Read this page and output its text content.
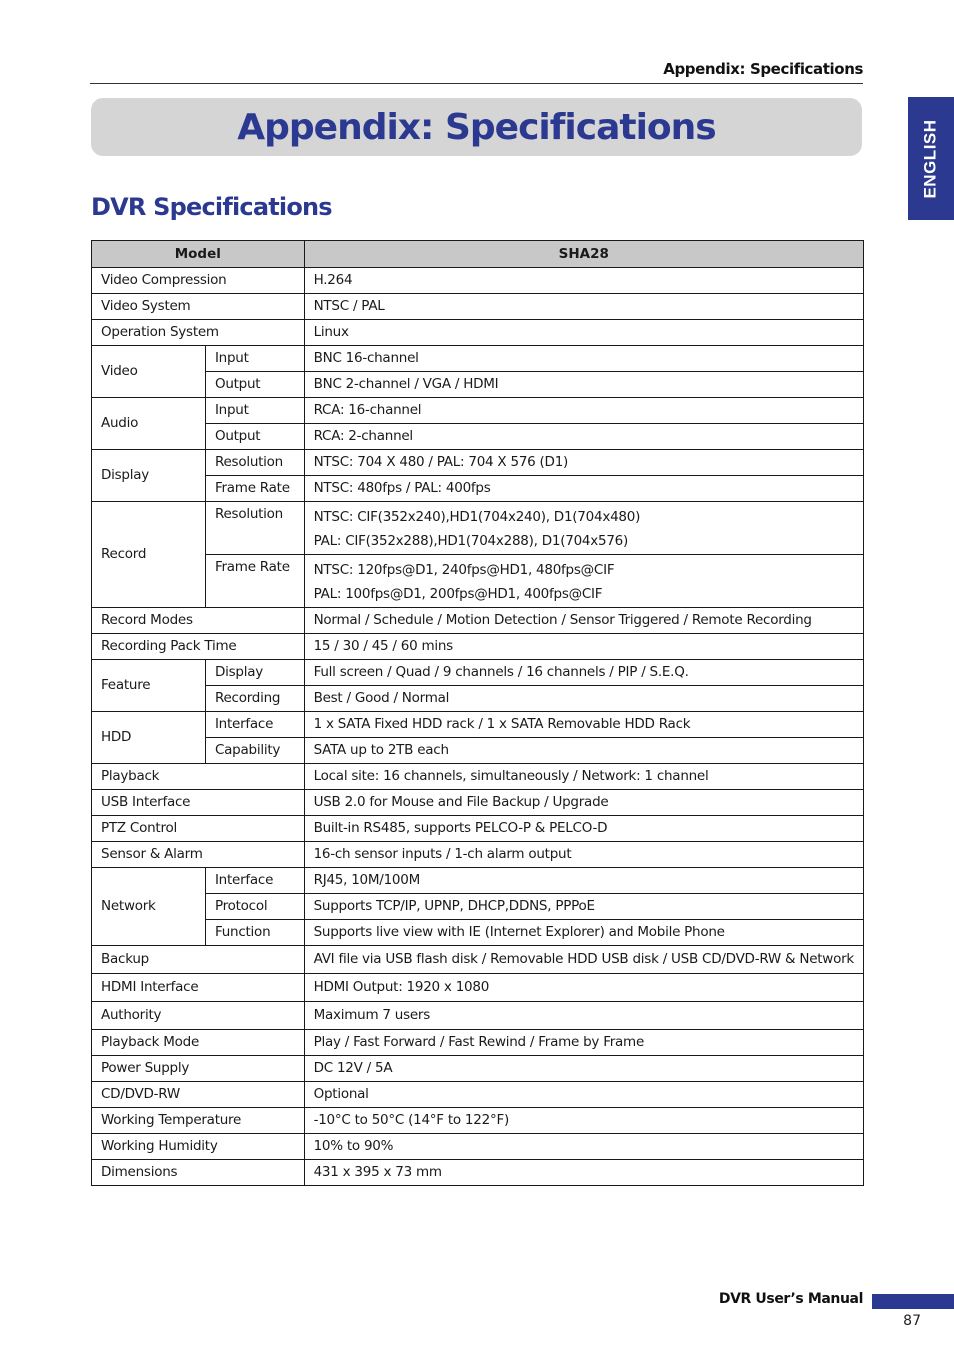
Appendix: Specifications
Appendix: Specifications	ENGLISH
DVR Specifications
Model		SHA28
Video Compression		H.264
Video System		NTSC / PAL
Operation System		Linux
Video	Input	BNC 16-channel
	Output	BNC 2-channel / VGA / HDMI
Audio	Input	RCA: 16-channel
	Output	RCA: 2-channel
Display	Resolution	NTSC: 704 X 480 / PAL: 704 X 576 (D1)
	Frame Rate	NTSC: 480fps / PAL: 400fps
Record	Resolution	NTSC: CIF(352x240),HD1(704x240), D1(704x480)
PAL: CIF(352x288),HD1(704x288), D1(704x576)

	Frame Rate	NTSC: 120fps@D1, 240fps@HD1, 480fps@CIF
PAL: 100fps@D1, 200fps@HD1, 400fps@CIF

Record Modes		Normal / Schedule / Motion Detection / Sensor Triggered / Remote Recording
Recording Pack Time		15 / 30 / 45 / 60 mins
Feature	Display	Full screen / Quad / 9 channels / 16 channels / PIP / S.E.Q.
	Recording	Best / Good / Normal
HDD	Interface	1 x SATA Fixed HDD rack / 1 x SATA Removable HDD Rack
	Capability	SATA up to 2TB each
Playback		Local site: 16 channels, simultaneously / Network: 1 channel
USB Interface		USB 2.0 for Mouse and File Backup / Upgrade
PTZ Control		Built-in RS485, supports PELCO-P & PELCO-D
Sensor & Alarm		16-ch sensor inputs / 1-ch alarm output
Network	Interface	RJ45, 10M/100M
	Protocol	Supports TCP/IP, UPNP, DHCP,DDNS, PPPoE
	Function	Supports live view with IE (Internet Explorer) and Mobile Phone
Backup		AVI file via USB flash disk / Removable HDD USB disk / USB CD/DVD-RW & Network
HDMI Interface		HDMI Output: 1920 x 1080
Authority		Maximum 7 users
Playback Mode		Play / Fast Forward / Fast Rewind / Frame by Frame
Power Supply		DC 12V / 5A
CD/DVD-RW		Optional
Working Temperature		-10°C to 50°C (14°F to 122°F)
Working Humidity		10% to 90%
Dimensions		431 x 395 x 73 mm
DVR User’s Manual
87
